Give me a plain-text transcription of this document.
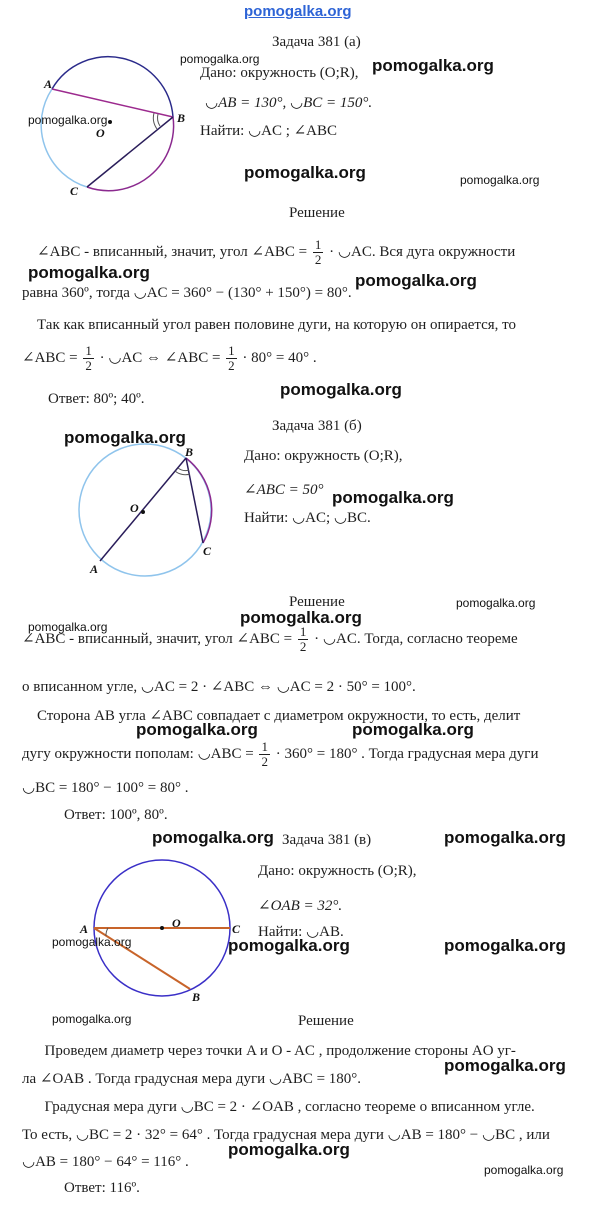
pomogalka.org
Задача 381 (а)
A
B
C
O
Дано: окружность (O;R),
◡AB = 130°, ◡BC = 150°.
Найти: ◡AC ; ∠ABC
Решение
∠ABC - вписанный, значит, угол ∠ABC = $\frac{1}{2}$ · ◡AC. Вся дуга окружности
равна 360º, тогда ◡AC = 360° − (130° + 150°) = 80°.
Так как вписанный угол равен половине дуги, на которую он опирается, то
∠ABC = $\frac{1}{2}$ · ◡AC ⇔ ∠ABC = $\frac{1}{2} \cdot 80^\circ = 40^\circ$ .
Ответ: 80º; 40º.
Задача 381 (б)
A
B
C
O
Дано: окружность (O;R),
∠ABC = 50°
Найти: ◡AC; ◡BC.
Решение
∠ABC - вписанный, значит, угол ∠ABC = $\frac{1}{2}$ · ◡AC. Тогда, согласно теореме
о вписанном угле, ◡AC = 2 · ∠ABC ⇔ ◡AC = 2 · 50° = 100°.
Сторона AB угла ∠ABC совпадает с диаметром окружности, то есть, делит
дугу окружности пополам: ◡ABC = $\frac{1}{2} \cdot 360^\circ = 180^\circ$ . Тогда градусная мера дуги
◡BC = 180° − 100° = 80° .
Ответ: 100º, 80º.
Задача 381 (в)
A
B
C
O
Дано: окружность (O;R),
∠OAB = 32°.
Найти: ◡AB.
Решение
Проведем диаметр через точки A и O - AC , продолжение стороны AO уг-
ла ∠OAB . Тогда градусная мера дуги ◡ABC = 180°.
Градусная мера дуги ◡BC = 2 · ∠OAB , согласно теореме о вписанном угле.
То есть, ◡BC = 2 · 32° = 64° . Тогда градусная мера дуги ◡AB = 180° − ◡BC , или
◡AB = 180° − 64° = 116° .
Ответ: 116º.
pomogalka.org	pomogalka.org
pomogalka.org
pomogalka.org	pomogalka.org
pomogalka.org	pomogalka.org
pomogalka.org
pomogalka.org
pomogalka.org
pomogalka.org
pomogalka.org
pomogalka.org
pomogalka.org	pomogalka.org
pomogalka.org	pomogalka.org
pomogalka.org	pomogalka.org	pomogalka.org
pomogalka.org
pomogalka.org
pomogalka.org
pomogalka.org
